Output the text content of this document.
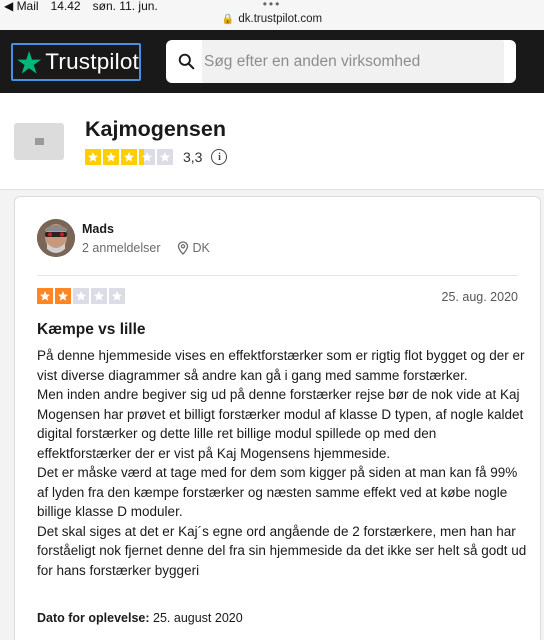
◀ Mail 14.42 søn. 11. jun.	•••
🔒 dk.trustpilot.com
Trustpilot
Søg efter en anden virksomhed
Kajmogensen
3,3	i
Mads
2 anmeldelser	DK
25. aug. 2020
Kæmpe vs lille

På denne hjemmeside vises en effektforstærker som er rigtig flot bygget og der er vist diverse diagrammer så andre kan gå i gang med samme forstærker.

Men inden andre begiver sig ud på denne forstærker rejse bør de nok vide at Kaj Mogensen har prøvet et billigt forstærker modul af klasse D typen, af nogle kaldet digital forstærker og dette lille ret billige modul spillede op med den effektforstærker der er vist på Kaj Mogensens hjemmeside.

Det er måske værd at tage med for dem som kigger på siden at man kan få 99% af lyden fra den kæmpe forstærker og næsten samme effekt ved at købe nogle billige klasse D moduler.

Det skal siges at det er Kaj´s egne ord angående de 2 forstærkere, men han har forståeligt nok fjernet denne del fra sin hjemmeside da det ikke ser helt så godt ud for hans forstærker byggeri

Dato for oplevelse: 25. august 2020
